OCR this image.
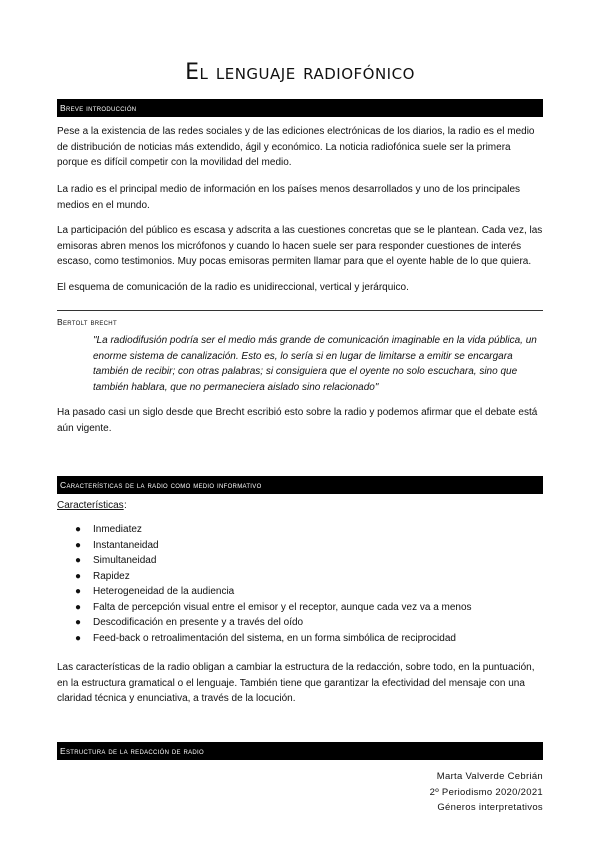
El lenguaje radiofónico
Breve introducción

Pese a la existencia de las redes sociales y de las ediciones electrónicas de los diarios, la radio es el medio de distribución de noticias más extendido, ágil y económico. La noticia radiofónica suele ser la primera porque es difícil competir con la movilidad del medio.

La radio es el principal medio de información en los países menos desarrollados y uno de los principales medios en el mundo.

La participación del público es escasa y adscrita a las cuestiones concretas que se le plantean. Cada vez, las emisoras abren menos los micrófonos y cuando lo hacen suele ser para responder cuestiones de interés escaso, como testimonios. Muy pocas emisoras permiten llamar para que el oyente hable de lo que quiera.

El esquema de comunicación de la radio es unidireccional, vertical y jerárquico.

Bertolt brecht

"La radiodifusión podría ser el medio más grande de comunicación imaginable en la vida pública, un enorme sistema de canalización. Esto es, lo sería si en lugar de limitarse a emitir se encargara también de recibir; con otras palabras; si consiguiera que el oyente no solo escuchara, sino que también hablara, que no permaneciera aislado sino relacionado"

Ha pasado casi un siglo desde que Brecht escribió esto sobre la radio y podemos afirmar que el debate está aún vigente.

Características de la radio como medio informativo
Características :
● Inmediatez
● Instantaneidad
● Simultaneidad
● Rapidez
● Heterogeneidad de la audiencia
● Falta de percepción visual entre el emisor y el receptor, aunque cada vez va a menos
● Descodificación en presente y a través del oído
● Feed-back o retroalimentación del sistema, en un forma simbólica de reciprocidad

Las características de la radio obligan a cambiar la estructura de la redacción, sobre todo, en la puntuación, en la estructura gramatical o el lenguaje. También tiene que garantizar la efectividad del mensaje con una claridad técnica y enunciativa, a través de la locución.

Estructura de la redacción de radio
Marta Valverde Cebrián
2º Periodismo 2020/2021
Géneros interpretativos
